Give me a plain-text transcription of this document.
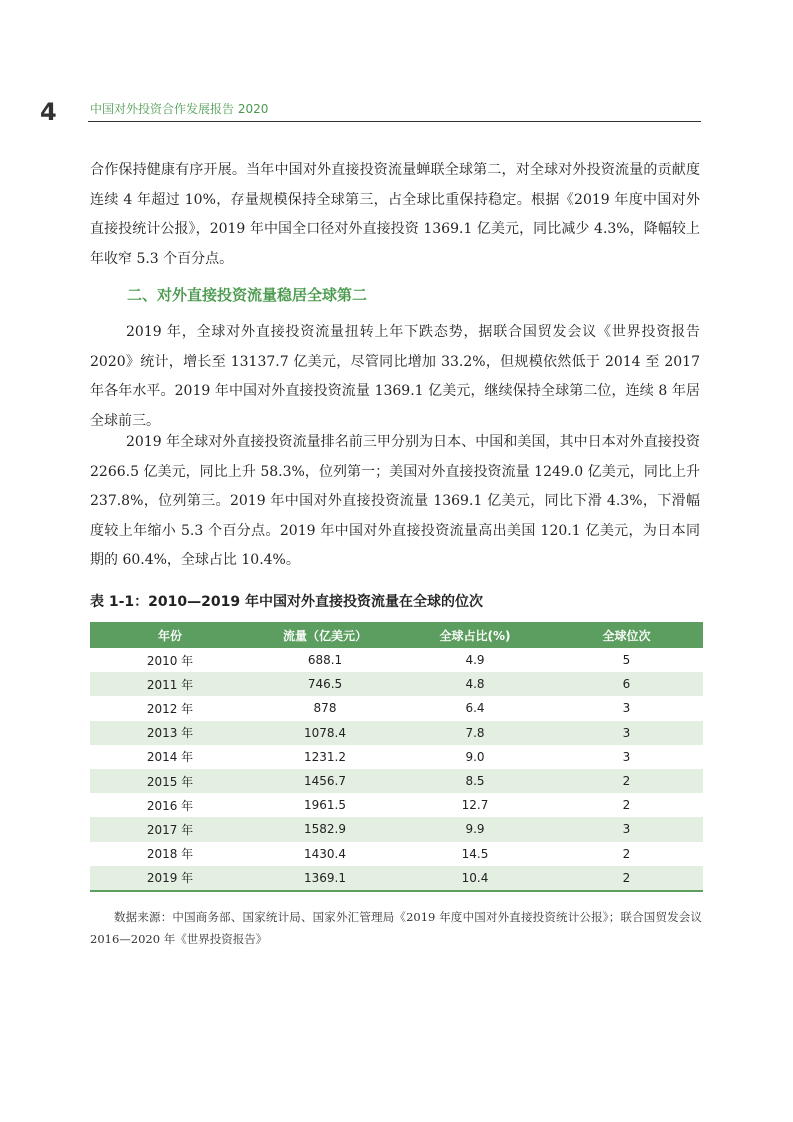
4	中国对外投资合作发展报告 2020

合作保持健康有序开展。当年中国对外直接投资流量蝉联全球第二，对全球对外投资流量的贡献度连续 4 年超过 10%，存量规模保持全球第三，占全球比重保持稳定。根据《2019 年度中国对外直接投统计公报》，2019 年中国全口径对外直接投资 1369.1 亿美元，同比减少 4.3%，降幅较上年收窄 5.3 个百分点。

二、对外直接投资流量稳居全球第二

2019 年，全球对外直接投资流量扭转上年下跌态势，据联合国贸发会议《世界投资报告 2020》统计，增长至 13137.7 亿美元，尽管同比增加 33.2%，但规模依然低于 2014 至 2017 年各年水平。2019 年中国对外直接投资流量 1369.1 亿美元，继续保持全球第二位，连续 8 年居全球前三。

2019 年全球对外直接投资流量排名前三甲分别为日本、中国和美国，其中日本对外直接投资 2266.5 亿美元，同比上升 58.3%，位列第一；美国对外直接投资流量 1249.0 亿美元，同比上升 237.8%，位列第三。2019 年中国对外直接投资流量 1369.1 亿美元，同比下滑 4.3%，下滑幅度较上年缩小 5.3 个百分点。2019 年中国对外直接投资流量高出美国 120.1 亿美元，为日本同期的 60.4%，全球占比 10.4%。

表 1-1：2010—2019 年中国对外直接投资流量在全球的位次
年份	流量（亿美元）	全球占比(%)	全球位次
2010 年	688.1	4.9	5
2011 年	746.5	4.8	6
2012 年	878	6.4	3
2013 年	1078.4	7.8	3
2014 年	1231.2	9.0	3
2015 年	1456.7	8.5	2
2016 年	1961.5	12.7	2
2017 年	1582.9	9.9	3
2018 年	1430.4	14.5	2
2019 年	1369.1	10.4	2

数据来源：中国商务部、国家统计局、国家外汇管理局《2019 年度中国对外直接投资统计公报》；联合国贸发会议 2016—2020 年《世界投资报告》
